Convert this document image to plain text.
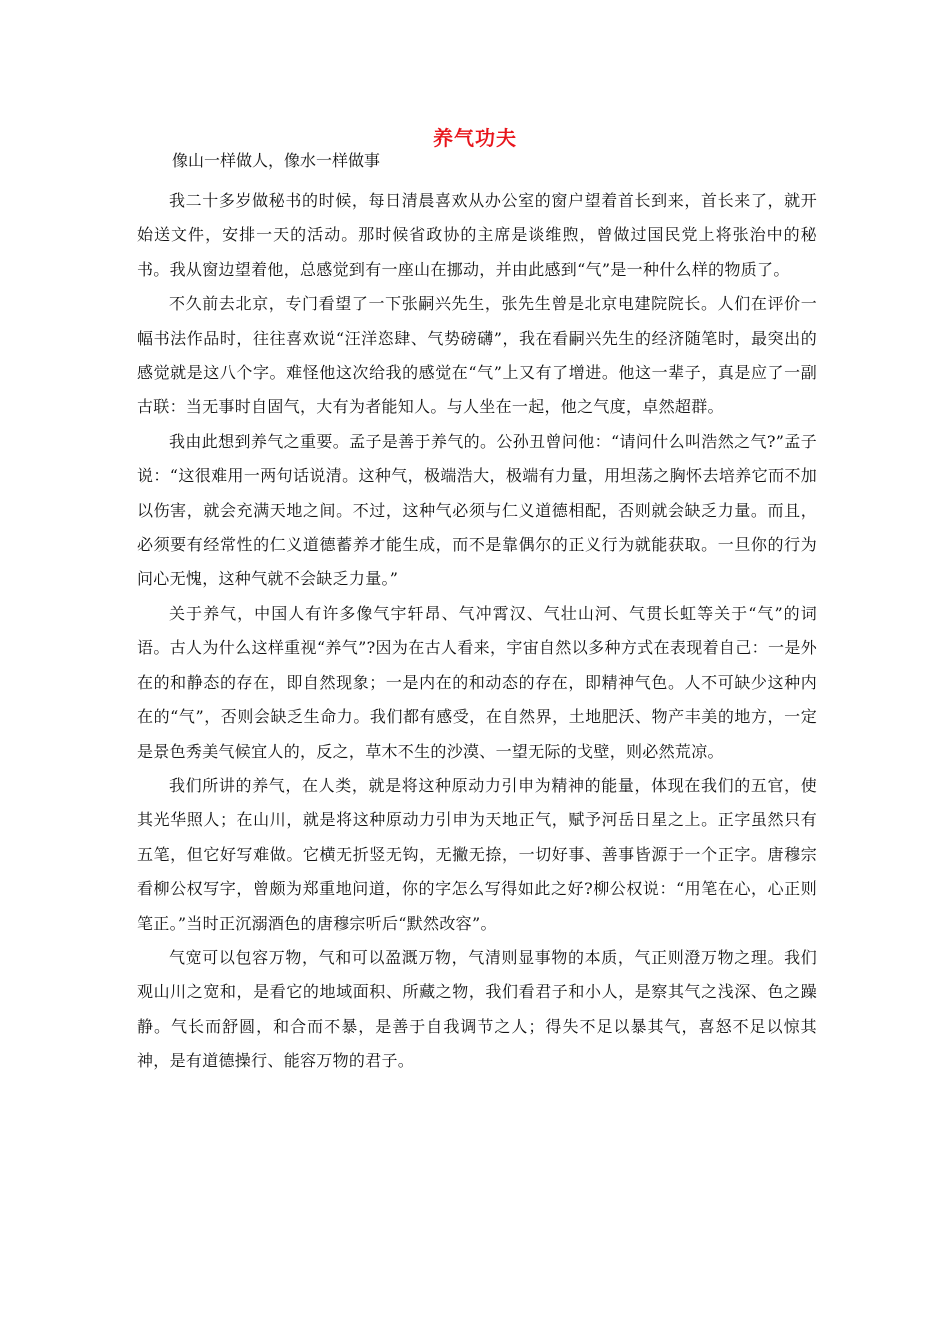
养气功夫

像山一样做人，像水一样做事

我二十多岁做秘书的时候，每日清晨喜欢从办公室的窗户望着首长到来，首长来了，就开始送文件，安排一天的活动。那时候省政协的主席是谈维煦，曾做过国民党上将张治中的秘书。我从窗边望着他，总感觉到有一座山在挪动，并由此感到“气”是一种什么样的物质了。

不久前去北京，专门看望了一下张嗣兴先生，张先生曾是北京电建院院长。人们在评价一幅书法作品时，往往喜欢说“汪洋恣肆、气势磅礴”，我在看嗣兴先生的经济随笔时，最突出的感觉就是这八个字。难怪他这次给我的感觉在“气”上又有了增进。他这一辈子，真是应了一副古联：当无事时自固气，大有为者能知人。与人坐在一起，他之气度，卓然超群。

我由此想到养气之重要。孟子是善于养气的。公孙丑曾问他：“请问什么叫浩然之气?”孟子说：“这很难用一两句话说清。这种气，极端浩大，极端有力量，用坦荡之胸怀去培养它而不加以伤害，就会充满天地之间。不过，这种气必须与仁义道德相配，否则就会缺乏力量。而且，必须要有经常性的仁义道德蓄养才能生成，而不是靠偶尔的正义行为就能获取。一旦你的行为问心无愧，这种气就不会缺乏力量。”

关于养气，中国人有许多像气宇轩昂、气冲霄汉、气壮山河、气贯长虹等关于“气”的词语。古人为什么这样重视“养气”?因为在古人看来，宇宙自然以多种方式在表现着自己：一是外在的和静态的存在，即自然现象；一是内在的和动态的存在，即精神气色。人不可缺少这种内在的“气”，否则会缺乏生命力。我们都有感受，在自然界，土地肥沃、物产丰美的地方，一定是景色秀美气候宜人的，反之，草木不生的沙漠、一望无际的戈壁，则必然荒凉。

我们所讲的养气，在人类，就是将这种原动力引申为精神的能量，体现在我们的五官，使其光华照人；在山川，就是将这种原动力引申为天地正气，赋予河岳日星之上。正字虽然只有五笔，但它好写难做。它横无折竖无钩，无撇无捺，一切好事、善事皆源于一个正字。唐穆宗看柳公权写字，曾颇为郑重地问道，你的字怎么写得如此之好?柳公权说：“用笔在心，心正则笔正。”当时正沉溺酒色的唐穆宗听后“默然改容”。

气宽可以包容万物，气和可以盈溉万物，气清则显事物的本质，气正则澄万物之理。我们观山川之宽和，是看它的地域面积、所藏之物，我们看君子和小人，是察其气之浅深、色之躁静。气长而舒圆，和合而不暴，是善于自我调节之人；得失不足以暴其气，喜怒不足以惊其神，是有道德操行、能容万物的君子。
